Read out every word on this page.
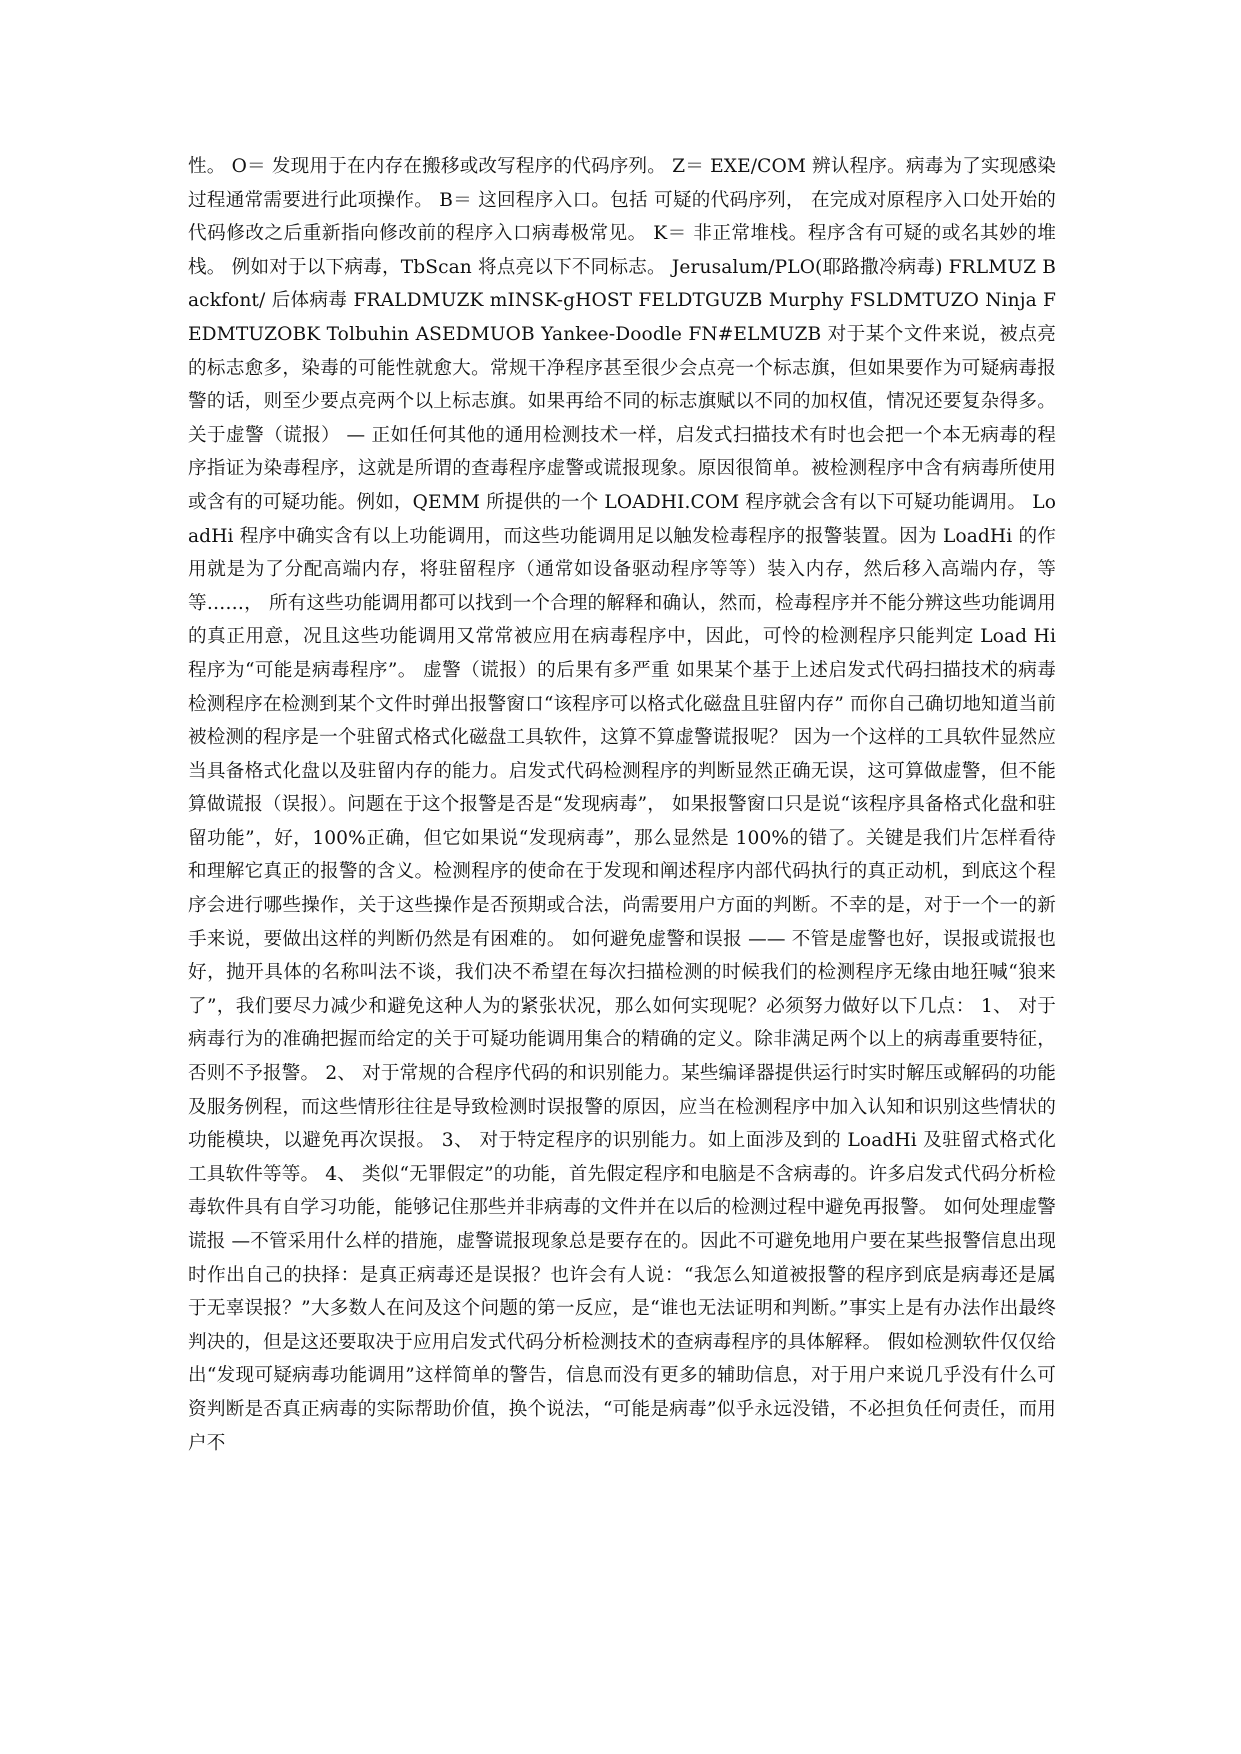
性。 O＝ 发现用于在内存在搬移或改写程序的代码序列。 Z＝ EXE/COM 辨认程序。病毒为了实现感染过程通常需要进行此项操作。 B＝ 这回程序入口。包括 可疑的代码序列， 在完成对原程序入口处开始的代码修改之后重新指向修改前的程序入口病毒极常见。 K＝ 非正常堆栈。程序含有可疑的或名其妙的堆栈。 例如对于以下病毒，TbScan 将点亮以下不同标志。 Jerusalum/PLO(耶路撒冷病毒) FRLMUZ Backfont/ 后体病毒 FRALDMUZK mINSK-gHOST FELDTGUZB Murphy FSLDMTUZO Ninja FEDMTUZOBK Tolbuhin ASEDMUOB Yankee-Doodle FN#ELMUZB 对于某个文件来说，被点亮的标志愈多，染毒的可能性就愈大。常规干净程序甚至很少会点亮一个标志旗，但如果要作为可疑病毒报警的话，则至少要点亮两个以上标志旗。如果再给不同的标志旗赋以不同的加权值，情况还要复杂得多。 关于虚警（谎报） — 正如任何其他的通用检测技术一样，启发式扫描技术有时也会把一个本无病毒的程序指证为染毒程序，这就是所谓的查毒程序虚警或谎报现象。原因很简单。被检测程序中含有病毒所使用或含有的可疑功能。例如，QEMM 所提供的一个 LOADHI.COM 程序就会含有以下可疑功能调用。 LoadHi 程序中确实含有以上功能调用，而这些功能调用足以触发检毒程序的报警装置。因为 LoadHi 的作用就是为了分配高端内存，将驻留程序（通常如设备驱动程序等等）装入内存，然后移入高端内存，等等……， 所有这些功能调用都可以找到一个合理的解释和确认，然而，检毒程序并不能分辨这些功能调用的真正用意，况且这些功能调用又常常被应用在病毒程序中，因此，可怜的检测程序只能判定 Load Hi 程序为“可能是病毒程序”。 虚警（谎报）的后果有多严重 如果某个基于上述启发式代码扫描技术的病毒检测程序在检测到某个文件时弹出报警窗口“该程序可以格式化磁盘且驻留内存” 而你自己确切地知道当前被检测的程序是一个驻留式格式化磁盘工具软件，这算不算虚警谎报呢？ 因为一个这样的工具软件显然应当具备格式化盘以及驻留内存的能力。启发式代码检测程序的判断显然正确无误，这可算做虚警，但不能算做谎报（误报）。问题在于这个报警是否是“发现病毒”， 如果报警窗口只是说“该程序具备格式化盘和驻留功能”，好，100%正确，但它如果说“发现病毒”，那么显然是 100%的错了。关键是我们片怎样看待和理解它真正的报警的含义。检测程序的使命在于发现和阐述程序内部代码执行的真正动机，到底这个程序会进行哪些操作，关于这些操作是否预期或合法，尚需要用户方面的判断。不幸的是，对于一个一的新手来说，要做出这样的判断仍然是有困难的。 如何避免虚警和误报 —— 不管是虚警也好，误报或谎报也好，抛开具体的名称叫法不谈，我们决不希望在每次扫描检测的时候我们的检测程序无缘由地狂喊“狼来了”，我们要尽力减少和避免这种人为的紧张状况，那么如何实现呢？必须努力做好以下几点： 1、 对于病毒行为的准确把握而给定的关于可疑功能调用集合的精确的定义。除非满足两个以上的病毒重要特征，否则不予报警。 2、 对于常规的合程序代码的和识别能力。某些编译器提供运行时实时解压或解码的功能及服务例程，而这些情形往往是导致检测时误报警的原因，应当在检测程序中加入认知和识别这些情状的功能模块，以避免再次误报。 3、 对于特定程序的识别能力。如上面涉及到的 LoadHi 及驻留式格式化工具软件等等。 4、 类似“无罪假定”的功能，首先假定程序和电脑是不含病毒的。许多启发式代码分析检毒软件具有自学习功能，能够记住那些并非病毒的文件并在以后的检测过程中避免再报警。 如何处理虚警谎报 —不管采用什么样的措施，虚警谎报现象总是要存在的。因此不可避免地用户要在某些报警信息出现时作出自己的抉择：是真正病毒还是误报？也许会有人说：“我怎么知道被报警的程序到底是病毒还是属于无辜误报？”大多数人在问及这个问题的第一反应，是“谁也无法证明和判断。”事实上是有办法作出最终判决的，但是这还要取决于应用启发式代码分析检测技术的查病毒程序的具体解释。 假如检测软件仅仅给出“发现可疑病毒功能调用”这样简单的警告，信息而没有更多的辅助信息，对于用户来说几乎没有什么可资判断是否真正病毒的实际帮助价值，换个说法，“可能是病毒”似乎永远没错，不必担负任何责任，而用户不
